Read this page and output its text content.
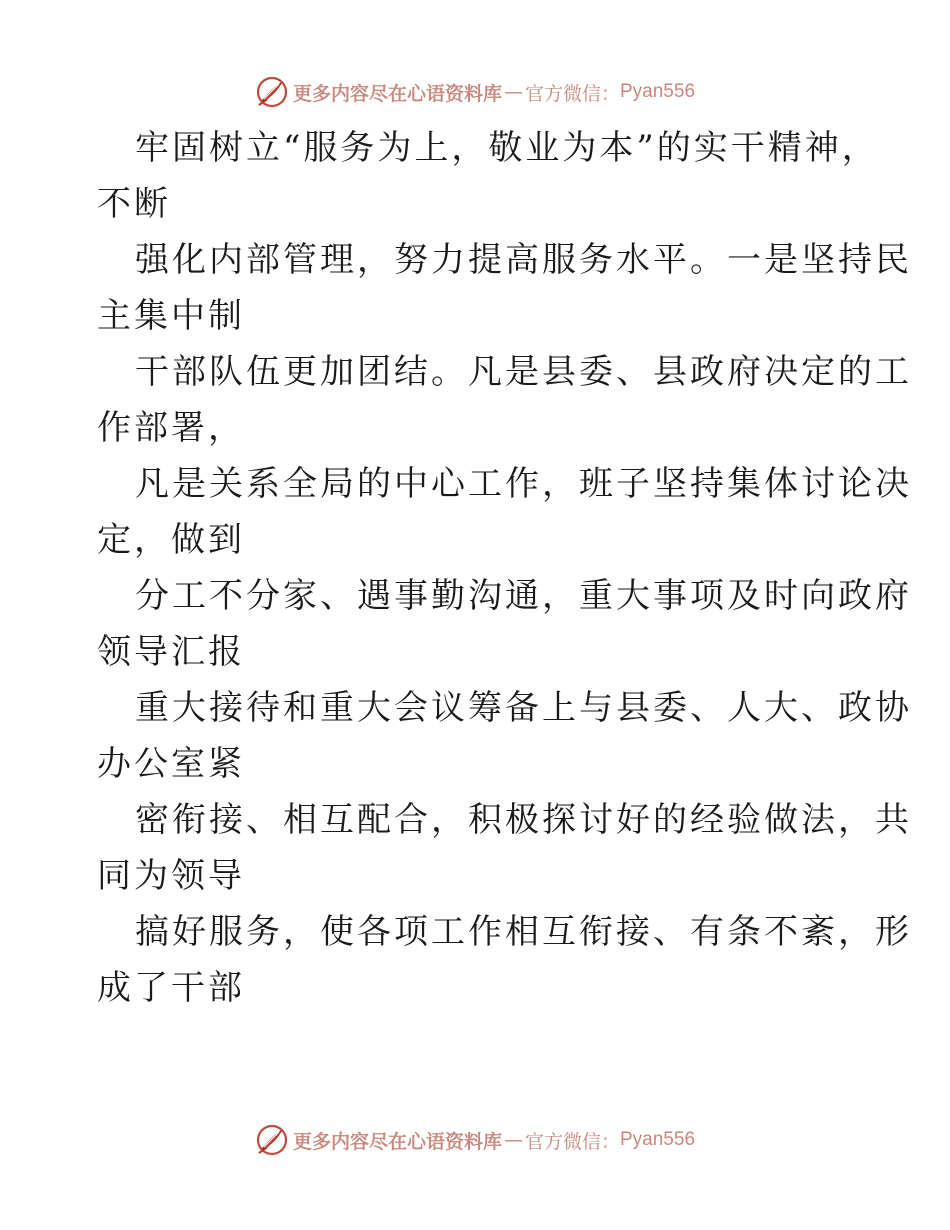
更多内容尽在心语资料库 — 官方微信： Pyan556
牢固树立“服务为上，敬业为本”的实干精神，
不断
强化内部管理，努力提高服务水平。一是坚持民
主集中制
干部队伍更加团结。凡是县委、县政府决定的工
作部署，
凡是关系全局的中心工作，班子坚持集体讨论决
定，做到
分工不分家、遇事勤沟通，重大事项及时向政府
领导汇报
重大接待和重大会议筹备上与县委、人大、政协
办公室紧
密衔接、相互配合，积极探讨好的经验做法，共
同为领导
搞好服务，使各项工作相互衔接、有条不紊，形
成了干部
更多内容尽在心语资料库 — 官方微信： Pyan556
